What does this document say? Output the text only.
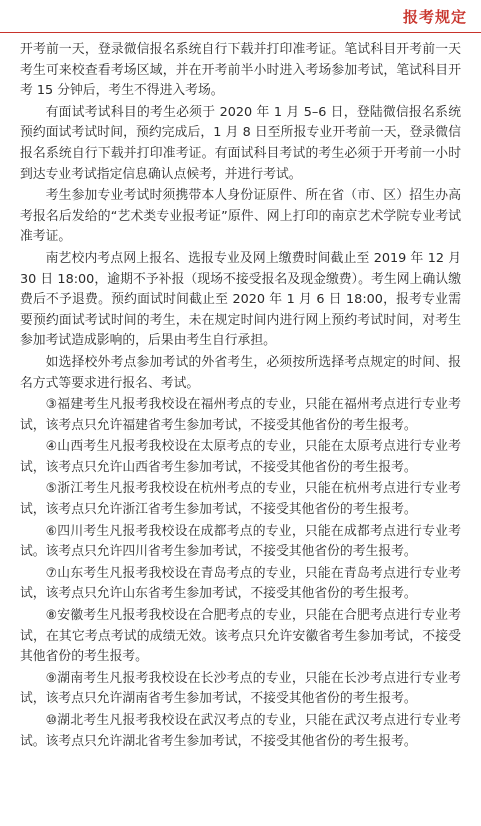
报考规定

开考前一天，登录微信报名系统自行下载并打印准考证。笔试科目开考前一天考生可来校查看考场区域，并在开考前半小时进入考场参加考试，笔试科目开考 15 分钟后，考生不得进入考场。

有面试考试科目的考生必须于 2020 年 1 月 5–6 日，登陆微信报名系统预约面试考试时间，预约完成后，1 月 8 日至所报专业开考前一天，登录微信报名系统自行下载并打印准考证。有面试科目考试的考生必须于开考前一小时到达专业考试指定信息确认点候考，并进行考试。

考生参加专业考试时须携带本人身份证原件、所在省（市、区）招生办高考报名后发给的“艺术类专业报考证”原件、网上打印的南京艺术学院专业考试准考证。

南艺校内考点网上报名、选报专业及网上缴费时间截止至 2019 年 12 月 30 日 18:00，逾期不予补报（现场不接受报名及现金缴费）。考生网上确认缴费后不予退费。预约面试时间截止至 2020 年 1 月 6 日 18:00，报考专业需要预约面试考试时间的考生，未在规定时间内进行网上预约考试时间，对考生参加考试造成影响的，后果由考生自行承担。

如选择校外考点参加考试的外省考生，必须按所选择考点规定的时间、报名方式等要求进行报名、考试。

③福建考生凡报考我校设在福州考点的专业，只能在福州考点进行专业考试，该考点只允许福建省考生参加考试，不接受其他省份的考生报考。

④山西考生凡报考我校设在太原考点的专业，只能在太原考点进行专业考试，该考点只允许山西省考生参加考试，不接受其他省份的考生报考。

⑤浙江考生凡报考我校设在杭州考点的专业，只能在杭州考点进行专业考试，该考点只允许浙江省考生参加考试，不接受其他省份的考生报考。

⑥四川考生凡报考我校设在成都考点的专业，只能在成都考点进行专业考试。该考点只允许四川省考生参加考试，不接受其他省份的考生报考。

⑦山东考生凡报考我校设在青岛考点的专业，只能在青岛考点进行专业考试，该考点只允许山东省考生参加考试，不接受其他省份的考生报考。

⑧安徽考生凡报考我校设在合肥考点的专业，只能在合肥考点进行专业考试，在其它考点考试的成绩无效。该考点只允许安徽省考生参加考试，不接受其他省份的考生报考。

⑨湖南考生凡报考我校设在长沙考点的专业，只能在长沙考点进行专业考试，该考点只允许湖南省考生参加考试，不接受其他省份的考生报考。

⑩湖北考生凡报考我校设在武汉考点的专业，只能在武汉考点进行专业考试。该考点只允许湖北省考生参加考试，不接受其他省份的考生报考。
